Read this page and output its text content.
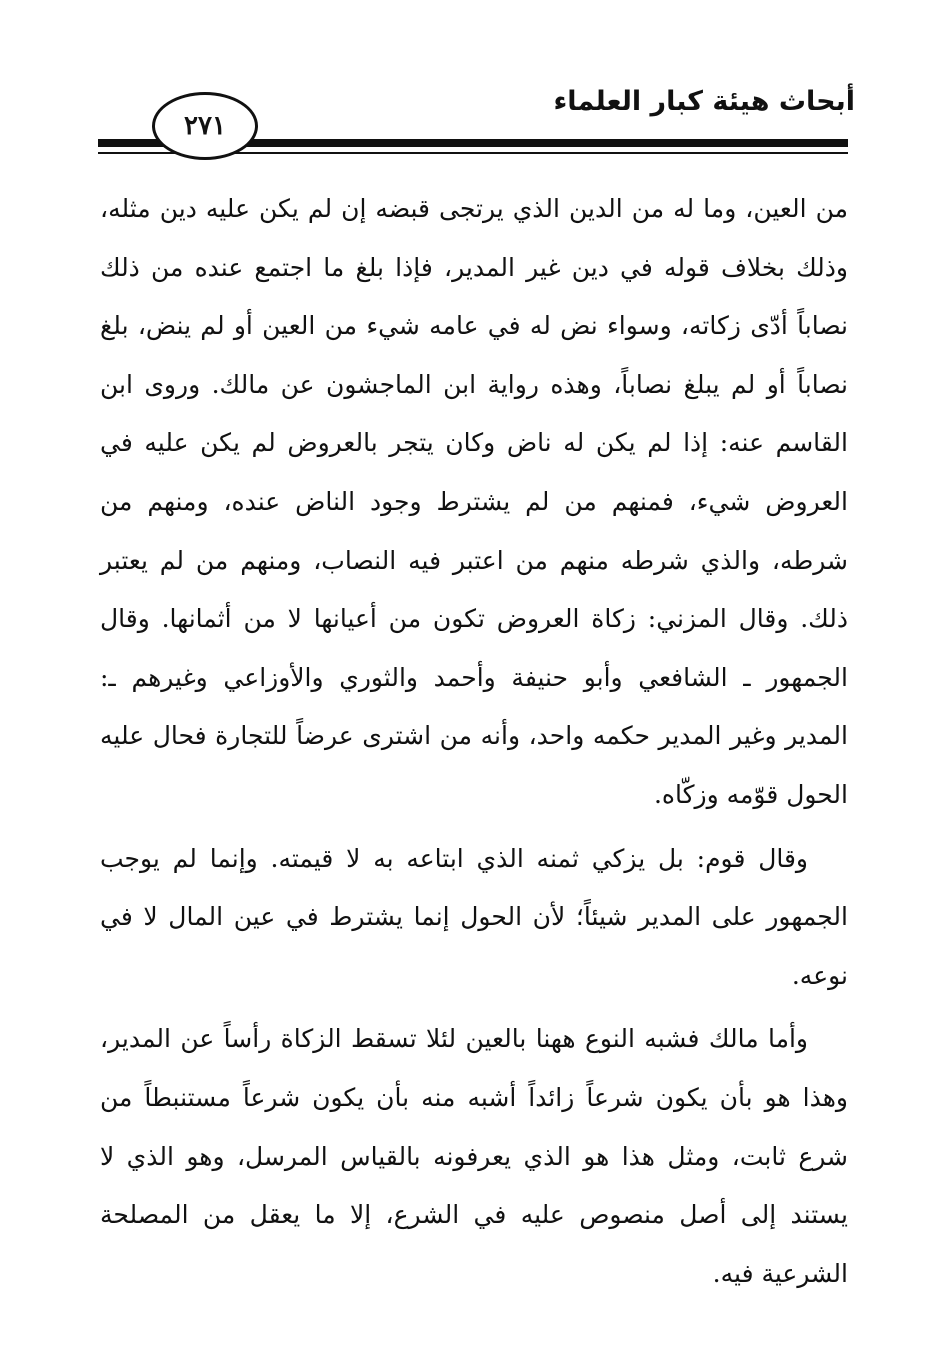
أبحاث هيئة كبار العلماء
٢٧١

من العين، وما له من الدين الذي يرتجى قبضه إن لم يكن عليه دين مثله، وذلك بخلاف قوله في دين غير المدير، فإذا بلغ ما اجتمع عنده من ذلك نصاباً أدّى زكاته، وسواء نض له في عامه شيء من العين أو لم ينض، بلغ نصاباً أو لم يبلغ نصاباً، وهذه رواية ابن الماجشون عن مالك. وروى ابن القاسم عنه: إذا لم يكن له ناض وكان يتجر بالعروض لم يكن عليه في العروض شيء، فمنهم من لم يشترط وجود الناض عنده، ومنهم من شرطه، والذي شرطه منهم من اعتبر فيه النصاب، ومنهم من لم يعتبر ذلك. وقال المزني: زكاة العروض تكون من أعيانها لا من أثمانها. وقال الجمهور ـ الشافعي وأبو حنيفة وأحمد والثوري والأوزاعي وغيرهم ـ: المدير وغير المدير حكمه واحد، وأنه من اشترى عرضاً للتجارة فحال عليه الحول قوّمه وزكّاه.

وقال قوم: بل يزكي ثمنه الذي ابتاعه به لا قيمته. وإنما لم يوجب الجمهور على المدير شيئاً؛ لأن الحول إنما يشترط في عين المال لا في نوعه.

وأما مالك فشبه النوع ههنا بالعين لئلا تسقط الزكاة رأساً عن المدير، وهذا هو بأن يكون شرعاً زائداً أشبه منه بأن يكون شرعاً مستنبطاً من شرع ثابت، ومثل هذا هو الذي يعرفونه بالقياس المرسل، وهو الذي لا يستند إلى أصل منصوص عليه في الشرع، إلا ما يعقل من المصلحة الشرعية فيه.
